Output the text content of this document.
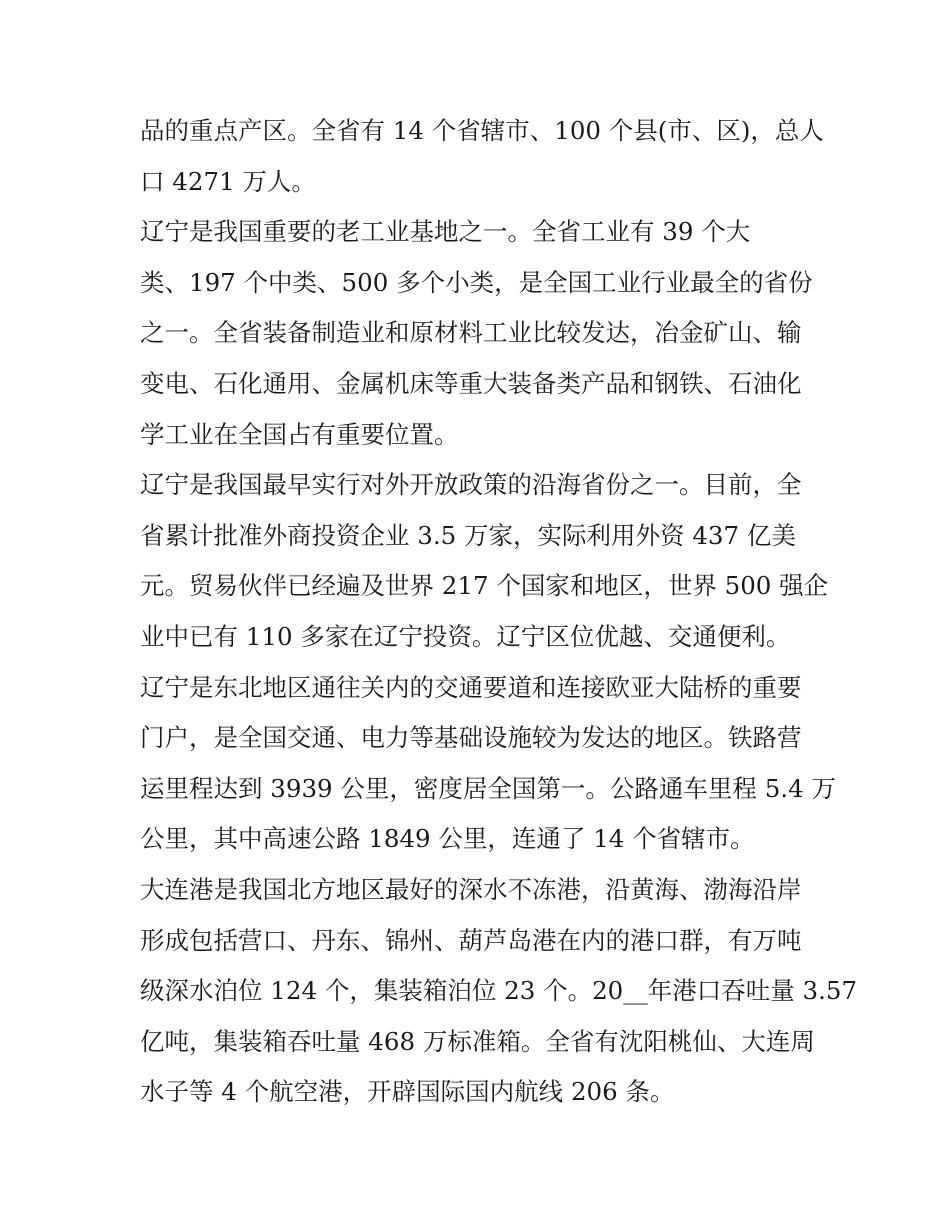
品的重点产区。全省有 14 个省辖市、100 个县(市、区)，总人
口 4271 万人。
辽宁是我国重要的老工业基地之一。全省工业有 39 个大
类、197 个中类、500 多个小类，是全国工业行业最全的省份
之一。全省装备制造业和原材料工业比较发达，冶金矿山、输
变电、石化通用、金属机床等重大装备类产品和钢铁、石油化
学工业在全国占有重要位置。
辽宁是我国最早实行对外开放政策的沿海省份之一。目前，全
省累计批准外商投资企业 3.5 万家，实际利用外资 437 亿美
元。贸易伙伴已经遍及世界 217 个国家和地区，世界 500 强企
业中已有 110 多家在辽宁投资。辽宁区位优越、交通便利。
辽宁是东北地区通往关内的交通要道和连接欧亚大陆桥的重要
门户，是全国交通、电力等基础设施较为发达的地区。铁路营
运里程达到 3939 公里，密度居全国第一。公路通车里程 5.4 万
公里，其中高速公路 1849 公里，连通了 14 个省辖市。
大连港是我国北方地区最好的深水不冻港，沿黄海、渤海沿岸
形成包括营口、丹东、锦州、葫芦岛港在内的港口群，有万吨
级深水泊位 124 个，集装箱泊位 23 个。20__年港口吞吐量 3.57
亿吨，集装箱吞吐量 468 万标准箱。全省有沈阳桃仙、大连周
水子等 4 个航空港，开辟国际国内航线 206 条。
